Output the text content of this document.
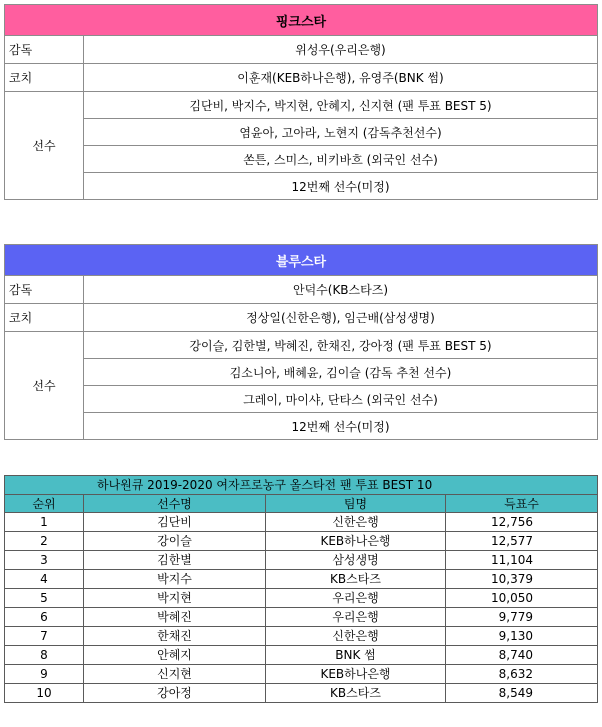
핑크스타	
감독	위성우(우리은행)
코치	이훈재(KEB하나은행), 유영주(BNK 썸)
선수	김단비, 박지수, 박지현, 안혜지, 신지현 (팬 투표 BEST 5)
	염윤아, 고아라, 노현지 (감독추천선수)
	쏜튼, 스미스, 비키바흐 (외국인 선수)
	12번째 선수(미정)
블루스타	
감독	안덕수(KB스타즈)
코치	정상일(신한은행), 임근배(삼성생명)
선수	강이슬, 김한별, 박혜진, 한채진, 강아정 (팬 투표 BEST 5)
	김소니아, 배혜윤, 김이슬 (감독 추천 선수)
	그레이, 마이샤, 단타스 (외국인 선수)
	12번째 선수(미정)
하나원큐 2019-2020 여자프로농구 올스타전 팬 투표 BEST 10			
순위	선수명	팀명	득표수
1	김단비	신한은행	12,756
2	강이슬	KEB하나은행	12,577
3	김한별	삼성생명	11,104
4	박지수	KB스타즈	10,379
5	박지현	우리은행	10,050
6	박혜진	우리은행	9,779
7	한채진	신한은행	9,130
8	안혜지	BNK 썸	8,740
9	신지현	KEB하나은행	8,632
10	강아정	KB스타즈	8,549
